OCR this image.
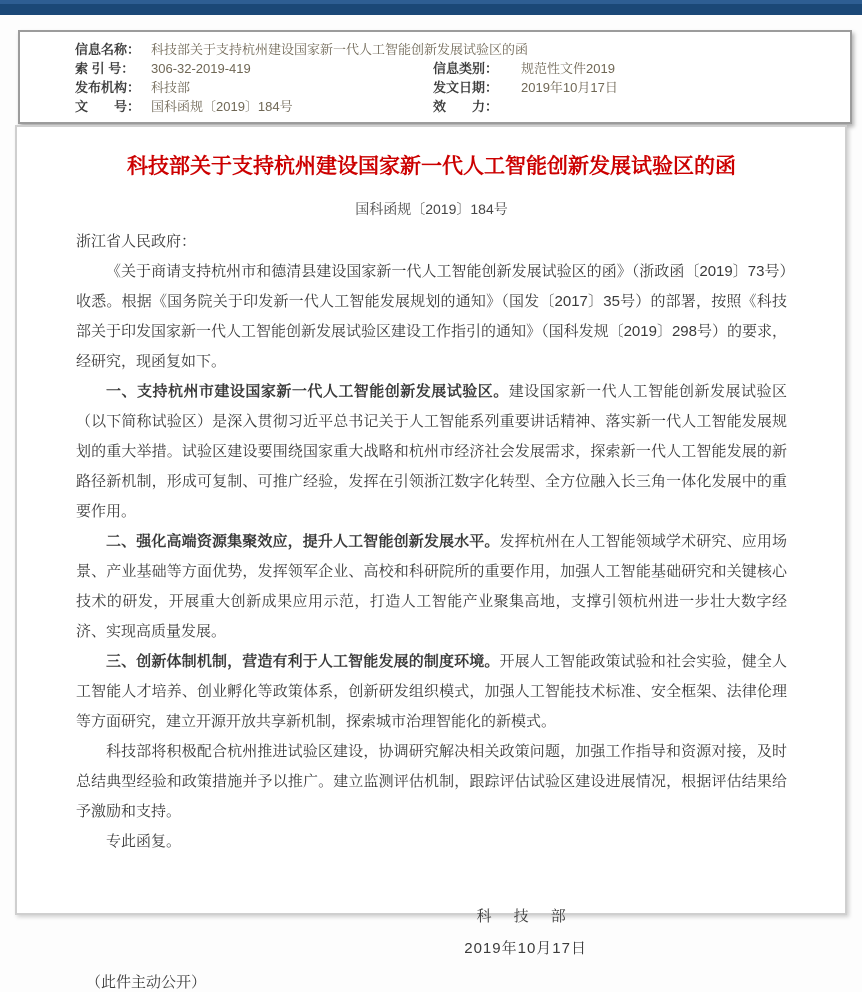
信息名称： 科技部关于支持杭州建设国家新一代人工智能创新发展试验区的函
索 引 号：	306-32-2019-419	信息类别：	规范性文件2019
发布机构： 科技部	发文日期：	2019年10月17日
文　　号： 国科函规〔2019〕184号	效　　力：
科技部关于支持杭州建设国家新一代人工智能创新发展试验区的函
国科函规〔2019〕184号

浙江省人民政府：

《关于商请支持杭州市和德清县建设国家新一代人工智能创新发展试验区的函》（浙政函〔2019〕73号）收悉。根据《国务院关于印发新一代人工智能发展规划的通知》（国发〔2017〕35号）的部署，按照《科技部关于印发国家新一代人工智能创新发展试验区建设工作指引的通知》（国科发规〔2019〕298号）的要求，经研究，现函复如下。

一、支持杭州市建设国家新一代人工智能创新发展试验区。建设国家新一代人工智能创新发展试验区（以下简称试验区）是深入贯彻习近平总书记关于人工智能系列重要讲话精神、落实新一代人工智能发展规划的重大举措。试验区建设要围绕国家重大战略和杭州市经济社会发展需求，探索新一代人工智能发展的新路径新机制，形成可复制、可推广经验，发挥在引领浙江数字化转型、全方位融入长三角一体化发展中的重要作用。

二、强化高端资源集聚效应，提升人工智能创新发展水平。发挥杭州在人工智能领域学术研究、应用场景、产业基础等方面优势，发挥领军企业、高校和科研院所的重要作用，加强人工智能基础研究和关键核心技术的研发，开展重大创新成果应用示范，打造人工智能产业聚集高地，支撑引领杭州进一步壮大数字经济、实现高质量发展。

三、创新体制机制，营造有利于人工智能发展的制度环境。开展人工智能政策试验和社会实验，健全人工智能人才培养、创业孵化等政策体系，创新研发组织模式，加强人工智能技术标准、安全框架、法律伦理等方面研究，建立开源开放共享新机制，探索城市治理智能化的新模式。

科技部将积极配合杭州推进试验区建设，协调研究解决相关政策问题，加强工作指导和资源对接，及时总结典型经验和政策措施并予以推广。建立监测评估机制，跟踪评估试验区建设进展情况，根据评估结果给予激励和支持。

专此函复。

科 技 部
2019年10月17日
（此件主动公开）
